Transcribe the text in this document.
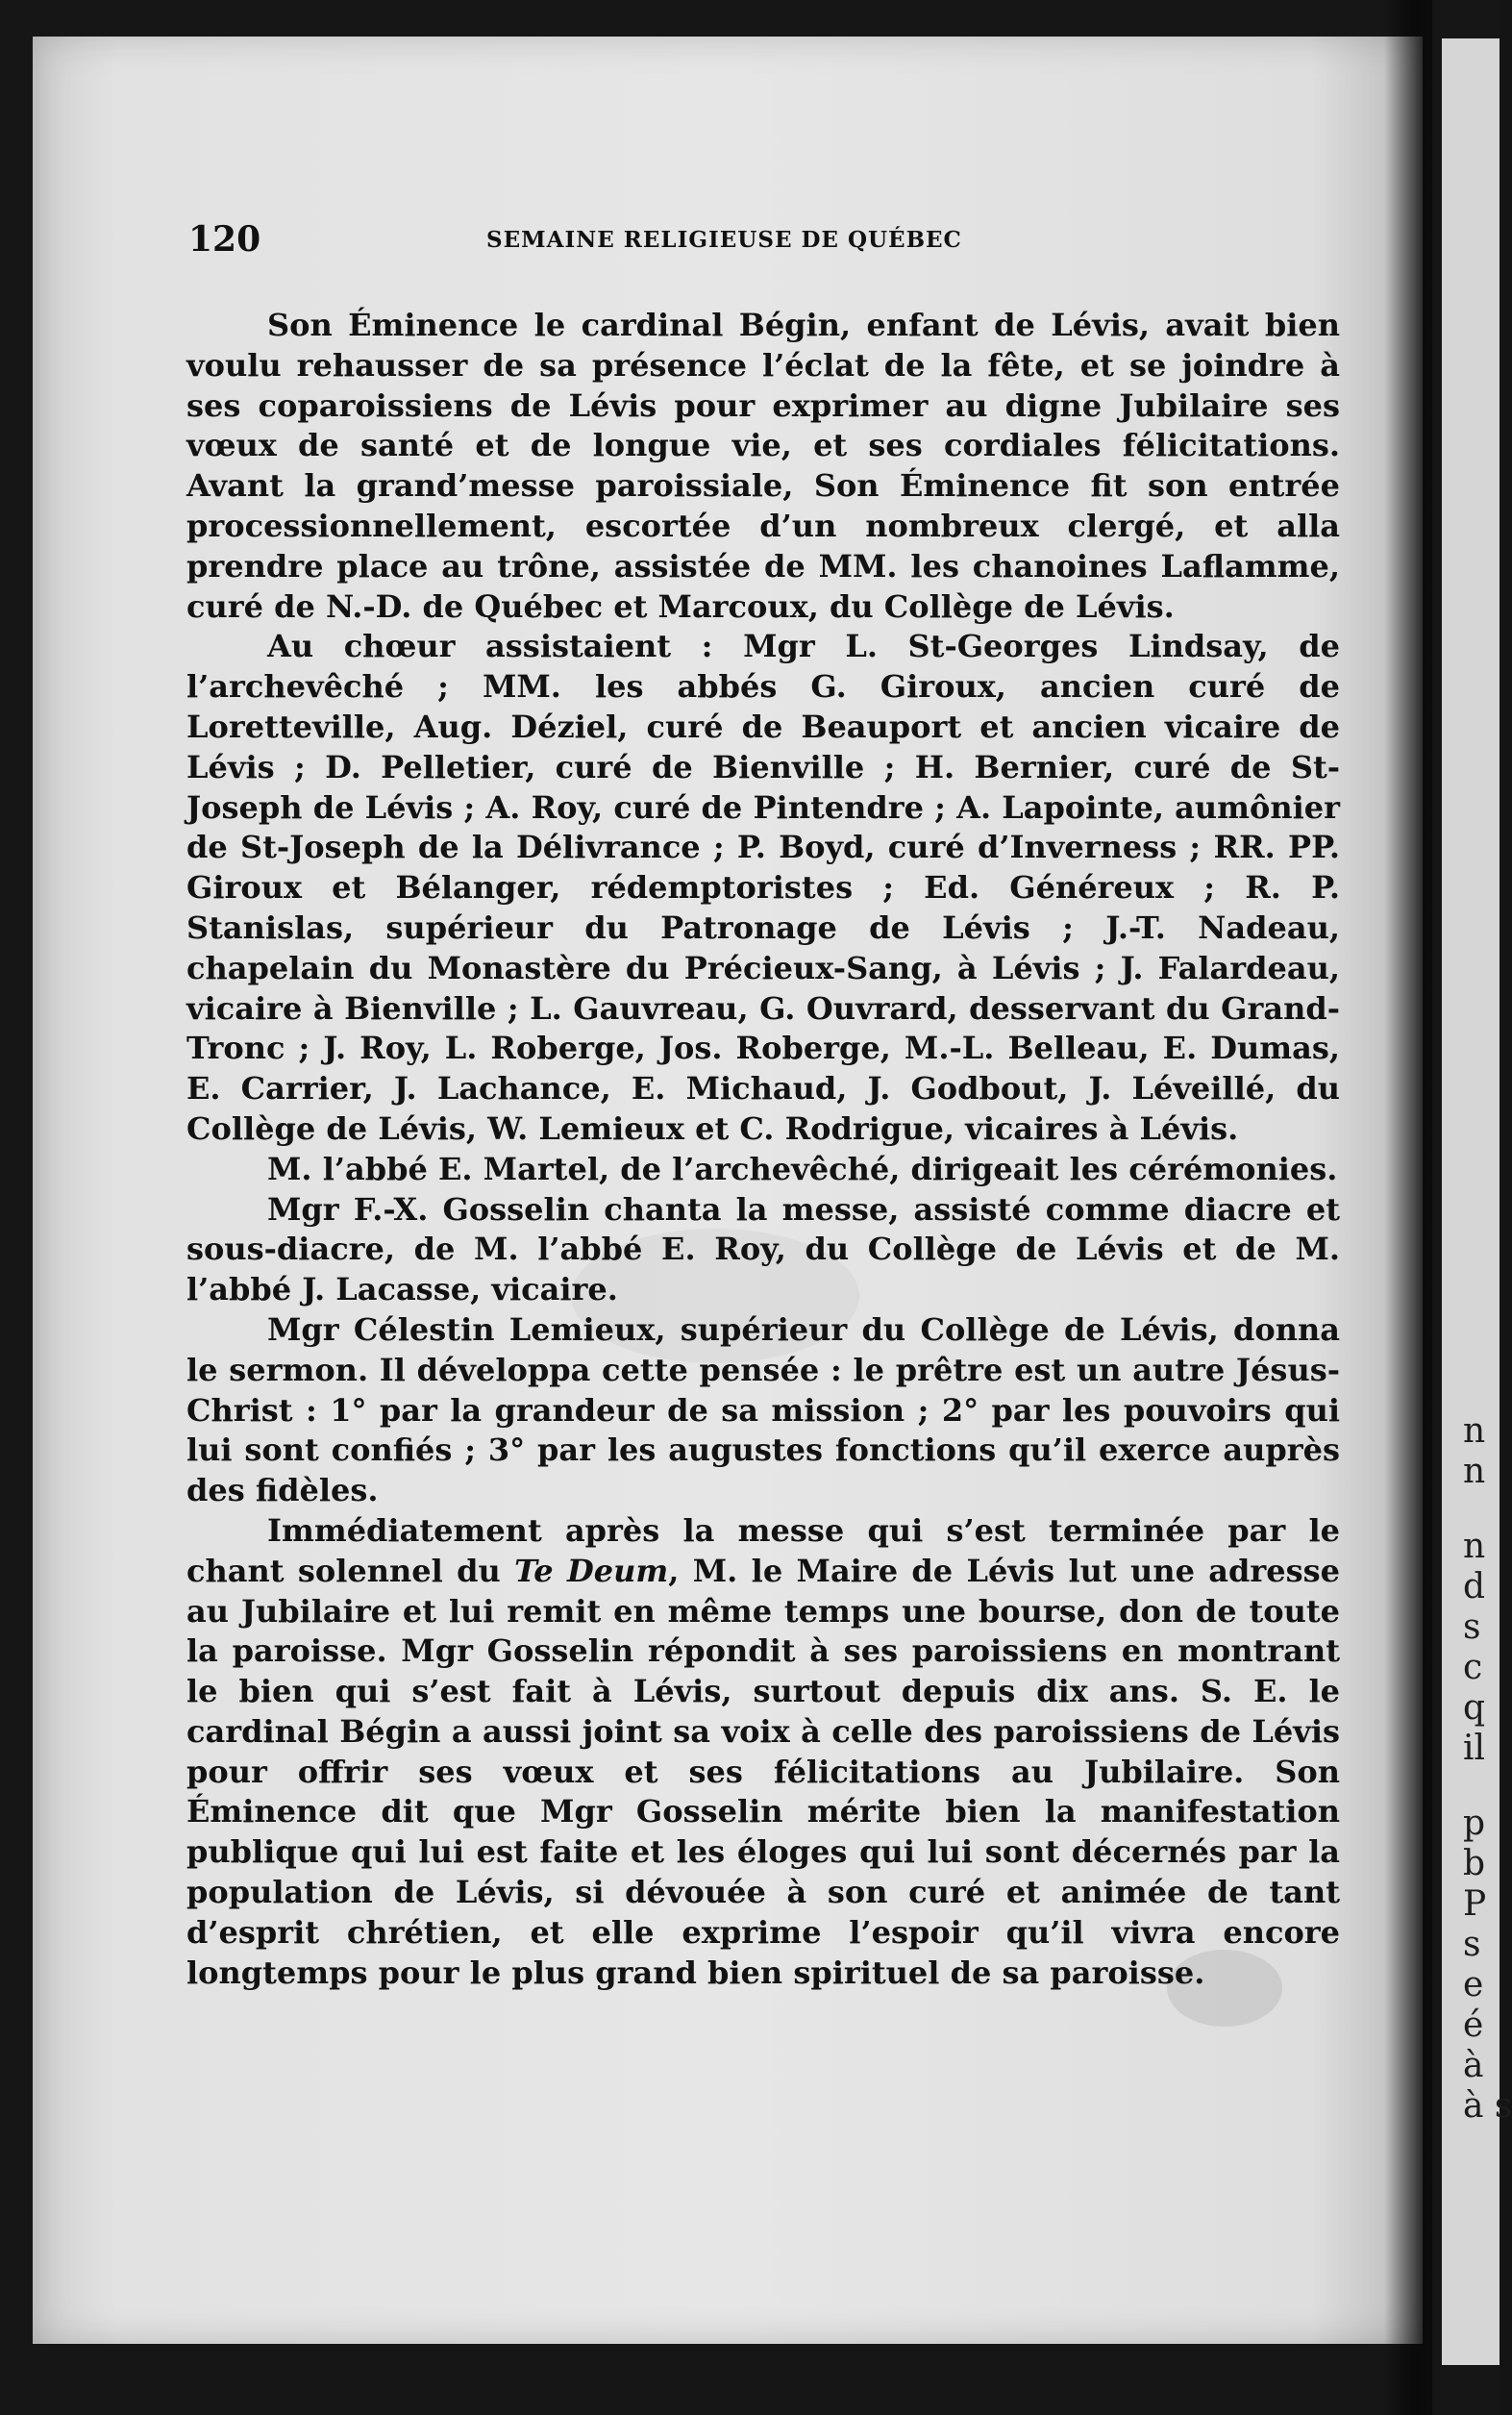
120	SEMAINE RELIGIEUSE DE QUÉBEC

Son Éminence le cardinal Bégin, enfant de Lévis, avait bien voulu rehausser de sa présence l’éclat de la fête, et se joindre à ses coparoissiens de Lévis pour exprimer au digne Jubilaire ses vœux de santé et de longue vie, et ses cordiales félicitations. Avant la grand’messe paroissiale, Son Éminence fit son entrée processionnellement, escortée d’un nombreux clergé, et alla prendre place au trône, assistée de MM. les chanoines Laflamme, curé de N.-D. de Québec et Marcoux, du Collège de Lévis.

Au chœur assistaient : Mgr L. St-Georges Lindsay, de l’archevêché ; MM. les abbés G. Giroux, ancien curé de Loretteville, Aug. Déziel, curé de Beauport et ancien vicaire de Lévis ; D. Pelletier, curé de Bienville ; H. Bernier, curé de St-Joseph de Lévis ; A. Roy, curé de Pintendre ; A. Lapointe, aumônier de St-Joseph de la Délivrance ; P. Boyd, curé d’Inverness ; RR. PP. Giroux et Bélanger, rédemptoristes ; Ed. Généreux ; R. P. Stanislas, supérieur du Patronage de Lévis ; J.-T. Nadeau, chapelain du Monastère du Précieux-Sang, à Lévis ; J. Falardeau, vicaire à Bienville ; L. Gauvreau, G. Ouvrard, desservant du Grand-Tronc ; J. Roy, L. Roberge, Jos. Roberge, M.-L. Belleau, E. Dumas, E. Carrier, J. Lachance, E. Michaud, J. Godbout, J. Léveillé, du Collège de Lévis, W. Lemieux et C. Rodrigue, vicaires à Lévis.

M. l’abbé E. Martel, de l’archevêché, dirigeait les cérémonies.

Mgr F.-X. Gosselin chanta la messe, assisté comme diacre et sous-diacre, de M. l’abbé E. Roy, du Collège de Lévis et de M. l’abbé J. Lacasse, vicaire.

Mgr Célestin Lemieux, supérieur du Collège de Lévis, donna le sermon. Il développa cette pensée : le prêtre est un autre Jésus-Christ : 1° par la grandeur de sa mission ; 2° par les pouvoirs qui lui sont confiés ; 3° par les augustes fonctions qu’il exerce auprès des fidèles.

Immédiatement après la messe qui s’est terminée par le chant solennel du Te Deum, M. le Maire de Lévis lut une adresse au Jubilaire et lui remit en même temps une bourse, don de toute la paroisse. Mgr Gosselin répondit à ses paroissiens en montrant le bien qui s’est fait à Lévis, surtout depuis dix ans. S. E. le cardinal Bégin a aussi joint sa voix à celle des paroissiens de Lévis pour offrir ses vœux et ses félicitations au Jubilaire. Son Éminence dit que Mgr Gosselin mérite bien la manifestation publique qui lui est faite et les éloges qui lui sont décernés par la population de Lévis, si dévouée à son curé et animée de tant d’esprit chrétien, et elle exprime l’espoir qu’il vivra encore longtemps pour le plus grand bien spirituel de sa paroisse.

n
n
n
d
s
c
q
il
p
b
P
s
e
é
à
à s
